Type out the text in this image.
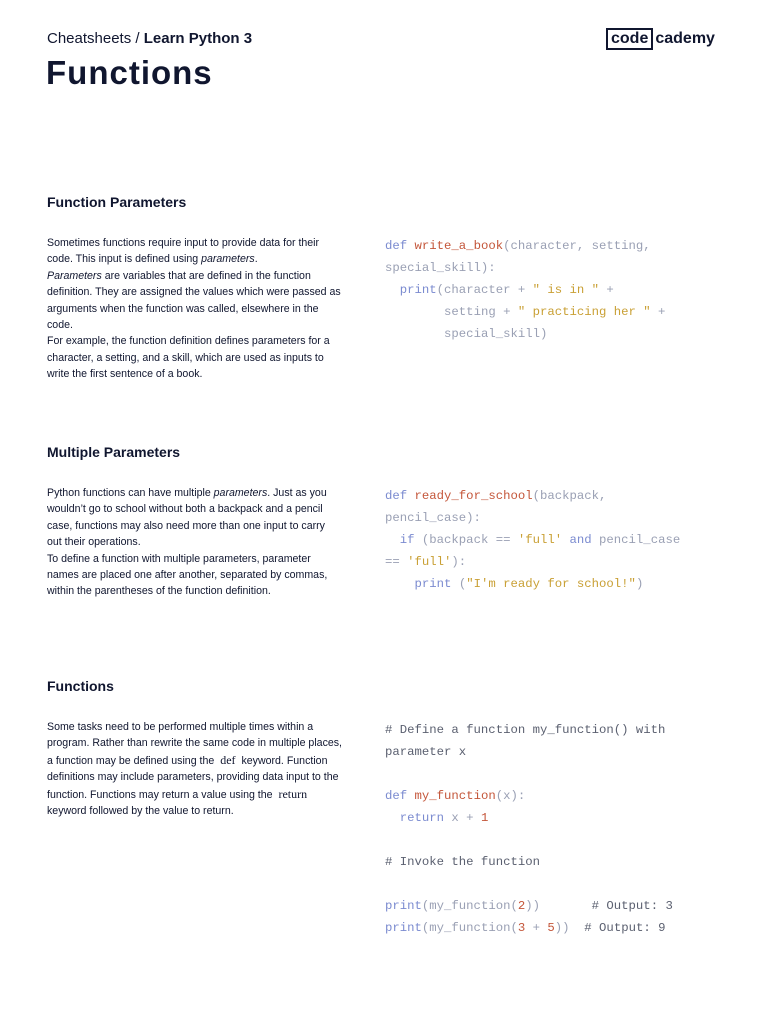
Cheatsheets / Learn Python 3	code cademy
Functions
Function Parameters

Sometimes functions require input to provide data for their code. This input is defined using parameters.
Parameters are variables that are defined in the function definition. They are assigned the values which were passed as arguments when the function was called, elsewhere in the code.
For example, the function definition defines parameters for a character, a setting, and a skill, which are used as inputs to write the first sentence of a book.

def write_a_book(character, setting,
special_skill):
print(character + " is in " +
setting + " practicing her " +
special_skill)
Multiple Parameters

Python functions can have multiple parameters. Just as you wouldn’t go to school without both a backpack and a pencil case, functions may also need more than one input to carry out their operations.
To define a function with multiple parameters, parameter names are placed one after another, separated by commas, within the parentheses of the function definition.

def ready_for_school(backpack,
pencil_case):
if (backpack == 'full' and pencil_case
== 'full'):
print ("I'm ready for school!")
Functions

Some tasks need to be performed multiple times within a program. Rather than rewrite the same code in multiple places, a function may be defined using the def keyword. Function definitions may include parameters, providing data input to the function. Functions may return a value using the return keyword followed by the value to return.

# Define a function my_function() with
parameter x

def my_function(x):
return x + 1

# Invoke the function

print(my_function(2))	# Output: 3
print(my_function(3 + 5)) # Output: 9
